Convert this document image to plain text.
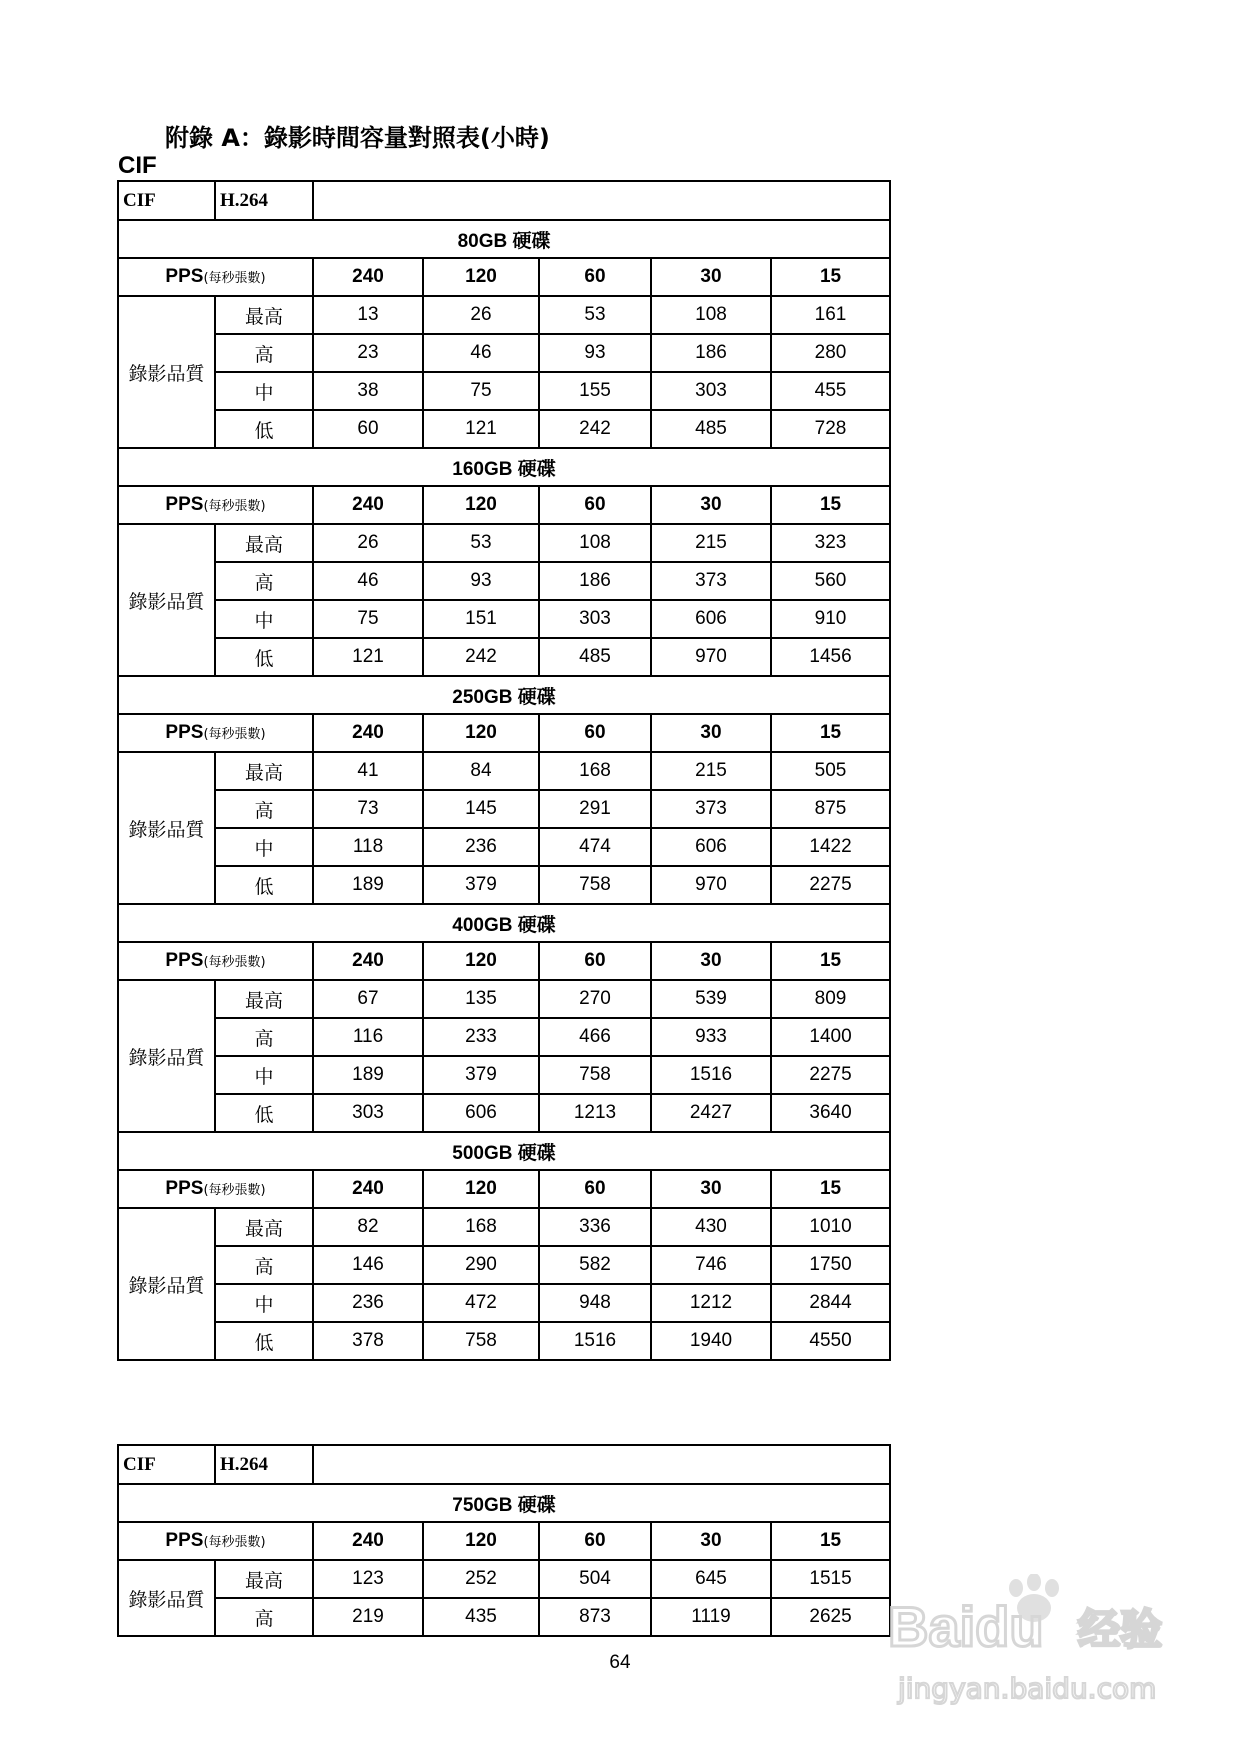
附錄 A：錄影時間容量對照表(小時)
CIF
CIF	H.264					
80GB 硬碟						
PPS(每秒張數)		240	120	60	30	15
錄影品質	最高	13	26	53	108	161
	高	23	46	93	186	280
	中	38	75	155	303	455
	低	60	121	242	485	728
160GB 硬碟						
PPS(每秒張數)		240	120	60	30	15
錄影品質	最高	26	53	108	215	323
	高	46	93	186	373	560
	中	75	151	303	606	910
	低	121	242	485	970	1456
250GB 硬碟						
PPS(每秒張數)		240	120	60	30	15
錄影品質	最高	41	84	168	215	505
	高	73	145	291	373	875
	中	118	236	474	606	1422
	低	189	379	758	970	2275
400GB 硬碟						
PPS(每秒張數)		240	120	60	30	15
錄影品質	最高	67	135	270	539	809
	高	116	233	466	933	1400
	中	189	379	758	1516	2275
	低	303	606	1213	2427	3640
500GB 硬碟						
PPS(每秒張數)		240	120	60	30	15
錄影品質	最高	82	168	336	430	1010
	高	146	290	582	746	1750
	中	236	472	948	1212	2844
	低	378	758	1516	1940	4550
CIF	H.264					
750GB 硬碟						
PPS(每秒張數)		240	120	60	30	15
錄影品質	最高	123	252	504	645	1515
	高	219	435	873	1119	2625
64
Baidu 经验
jingyan.baidu.com
